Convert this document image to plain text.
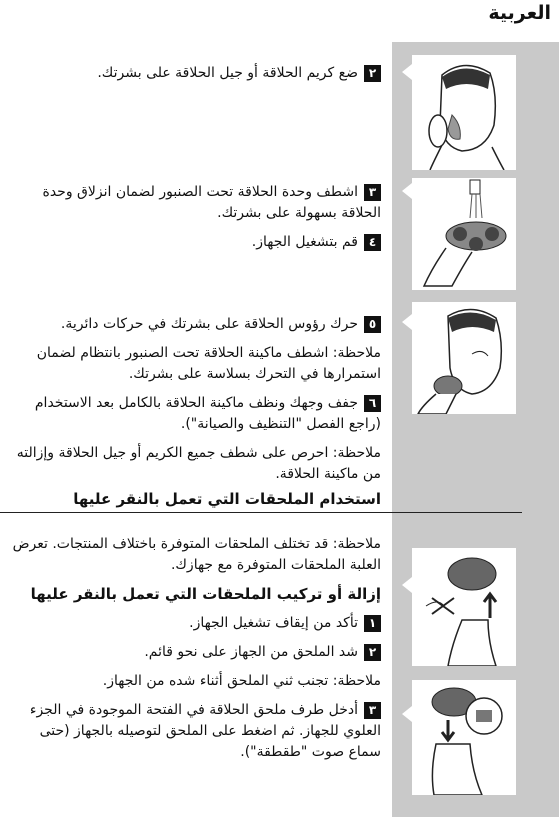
العربية
٢ضع كريم الحلاقة أو جيل الحلاقة على بشرتك.
٣اشطف وحدة الحلاقة تحت الصنبور لضمان انزلاق وحدة الحلاقة بسهولة على بشرتك.
٤قم بتشغيل الجهاز.
٥حرك رؤوس الحلاقة على بشرتك في حركات دائرية.
ملاحظة: اشطف ماكينة الحلاقة تحت الصنبور بانتظام لضمان استمرارها في التحرك بسلاسة على بشرتك.
٦جفف وجهك ونظف ماكينة الحلاقة بالكامل بعد الاستخدام (راجع الفصل "التنظيف والصيانة").
ملاحظة: احرص على شطف جميع الكريم أو جيل الحلاقة وإزالته من ماكينة الحلاقة.
استخدام الملحقات التي تعمل بالنقر عليها
ملاحظة: قد تختلف الملحقات المتوفرة باختلاف المنتجات. تعرض العلبة الملحقات المتوفرة مع جهازك.
إزالة أو تركيب الملحقات التي تعمل بالنقر عليها
١تأكد من إيقاف تشغيل الجهاز.
٢شد الملحق من الجهاز على نحو قائم.
ملاحظة: تجنب ثني الملحق أثناء شده من الجهاز.
٣أدخل طرف ملحق الحلاقة في الفتحة الموجودة في الجزء العلوي للجهاز. ثم اضغط على الملحق لتوصيله بالجهاز (حتى سماع صوت "طقطقة").
